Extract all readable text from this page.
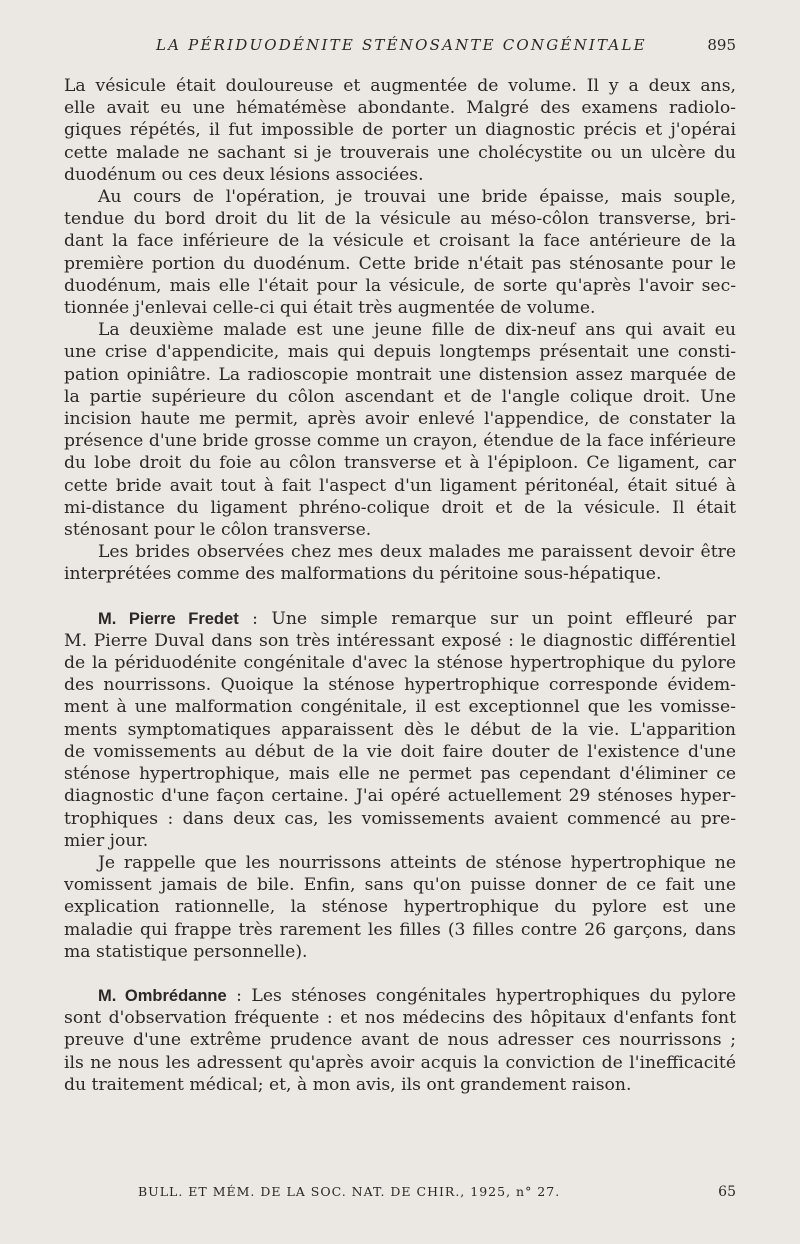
LA PÉRIDUODÉNITE STÉNOSANTE CONGÉNITALE	895

La vésicule était douloureuse et augmentée de volume. Il y a deux ans,
elle avait eu une hématémèse abondante. Malgré des examens radiolo-
giques répétés, il fut impossible de porter un diagnostic précis et j'opérai
cette malade ne sachant si je trouverais une cholécystite ou un ulcère du
duodénum ou ces deux lésions associées.

Au cours de l'opération, je trouvai une bride épaisse, mais souple,
tendue du bord droit du lit de la vésicule au méso-côlon transverse, bri-
dant la face inférieure de la vésicule et croisant la face antérieure de la
première portion du duodénum. Cette bride n'était pas sténosante pour le
duodénum, mais elle l'était pour la vésicule, de sorte qu'après l'avoir sec-
tionnée j'enlevai celle-ci qui était très augmentée de volume.

La deuxième malade est une jeune fille de dix-neuf ans qui avait eu
une crise d'appendicite, mais qui depuis longtemps présentait une consti-
pation opiniâtre. La radioscopie montrait une distension assez marquée de
la partie supérieure du côlon ascendant et de l'angle colique droit. Une
incision haute me permit, après avoir enlevé l'appendice, de constater la
présence d'une bride grosse comme un crayon, étendue de la face inférieure
du lobe droit du foie au côlon transverse et à l'épiploon. Ce ligament, car
cette bride avait tout à fait l'aspect d'un ligament péritonéal, était situé à
mi-distance du ligament phréno-colique droit et de la vésicule. Il était
sténosant pour le côlon transverse.

Les brides observées chez mes deux malades me paraissent devoir être
interprétées comme des malformations du péritoine sous-hépatique.

M. Pierre Fredet : Une simple remarque sur un point effleuré par
M. Pierre Duval dans son très intéressant exposé : le diagnostic différentiel
de la périduodénite congénitale d'avec la sténose hypertrophique du pylore
des nourrissons. Quoique la sténose hypertrophique corresponde évidem-
ment à une malformation congénitale, il est exceptionnel que les vomisse-
ments symptomatiques apparaissent dès le début de la vie. L'apparition
de vomissements au début de la vie doit faire douter de l'existence d'une
sténose hypertrophique, mais elle ne permet pas cependant d'éliminer ce
diagnostic d'une façon certaine. J'ai opéré actuellement 29 sténoses hyper-
trophiques : dans deux cas, les vomissements avaient commencé au pre-
mier jour.

Je rappelle que les nourrissons atteints de sténose hypertrophique ne
vomissent jamais de bile. Enfin, sans qu'on puisse donner de ce fait une
explication rationnelle, la sténose hypertrophique du pylore est une
maladie qui frappe très rarement les filles (3 filles contre 26 garçons, dans
ma statistique personnelle).

M. Ombrédanne : Les sténoses congénitales hypertrophiques du pylore
sont d'observation fréquente : et nos médecins des hôpitaux d'enfants font
preuve d'une extrême prudence avant de nous adresser ces nourrissons ;
ils ne nous les adressent qu'après avoir acquis la conviction de l'inefficacité
du traitement médical; et, à mon avis, ils ont grandement raison.

BULL. ET MÉM. DE LA SOC. NAT. DE CHIR., 1925, n° 27.	65
